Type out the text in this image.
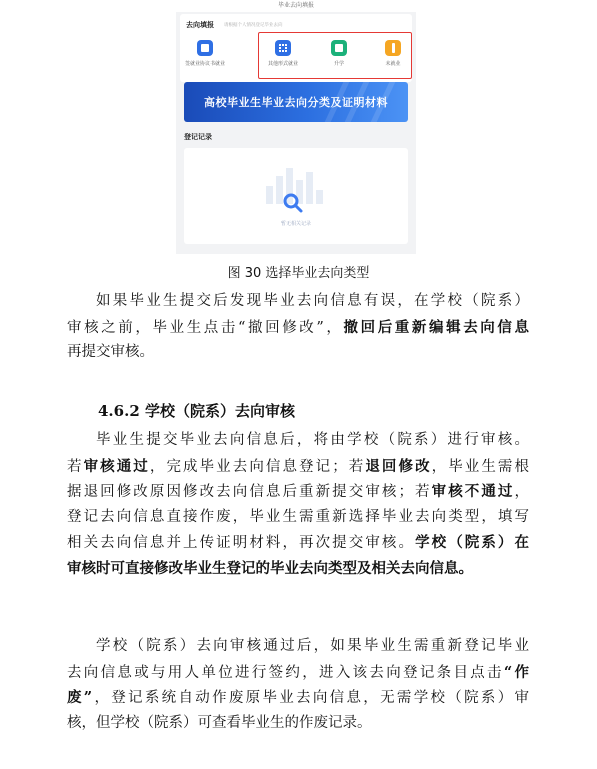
毕业去向填报
去向填报 请根据个人情况登记毕业去向
签就业协议书就业	其他形式就业	升学	未就业
高校毕业生毕业去向分类及证明材料
登记记录
暂无相关记录
图 30 选择毕业去向类型
如果毕业生提交后发现毕业去向信息有误，在学校（院系）
审核之前，毕业生点击“撤回修改”，撤回后重新编辑去向信息
再提交审核。
4.6.2 学校（院系）去向审核
毕业生提交毕业去向信息后，将由学校（院系）进行审核。
若审核通过，完成毕业去向信息登记；若退回修改，毕业生需根
据退回修改原因修改去向信息后重新提交审核；若审核不通过，
登记去向信息直接作废，毕业生需重新选择毕业去向类型，填写
相关去向信息并上传证明材料，再次提交审核。学校（院系）在
审核时可直接修改毕业生登记的毕业去向类型及相关去向信息。
学校（院系）去向审核通过后，如果毕业生需重新登记毕业
去向信息或与用人单位进行签约，进入该去向登记条目点击“作
废”，登记系统自动作废原毕业去向信息，无需学校（院系）审
核，但学校（院系）可查看毕业生的作废记录。
